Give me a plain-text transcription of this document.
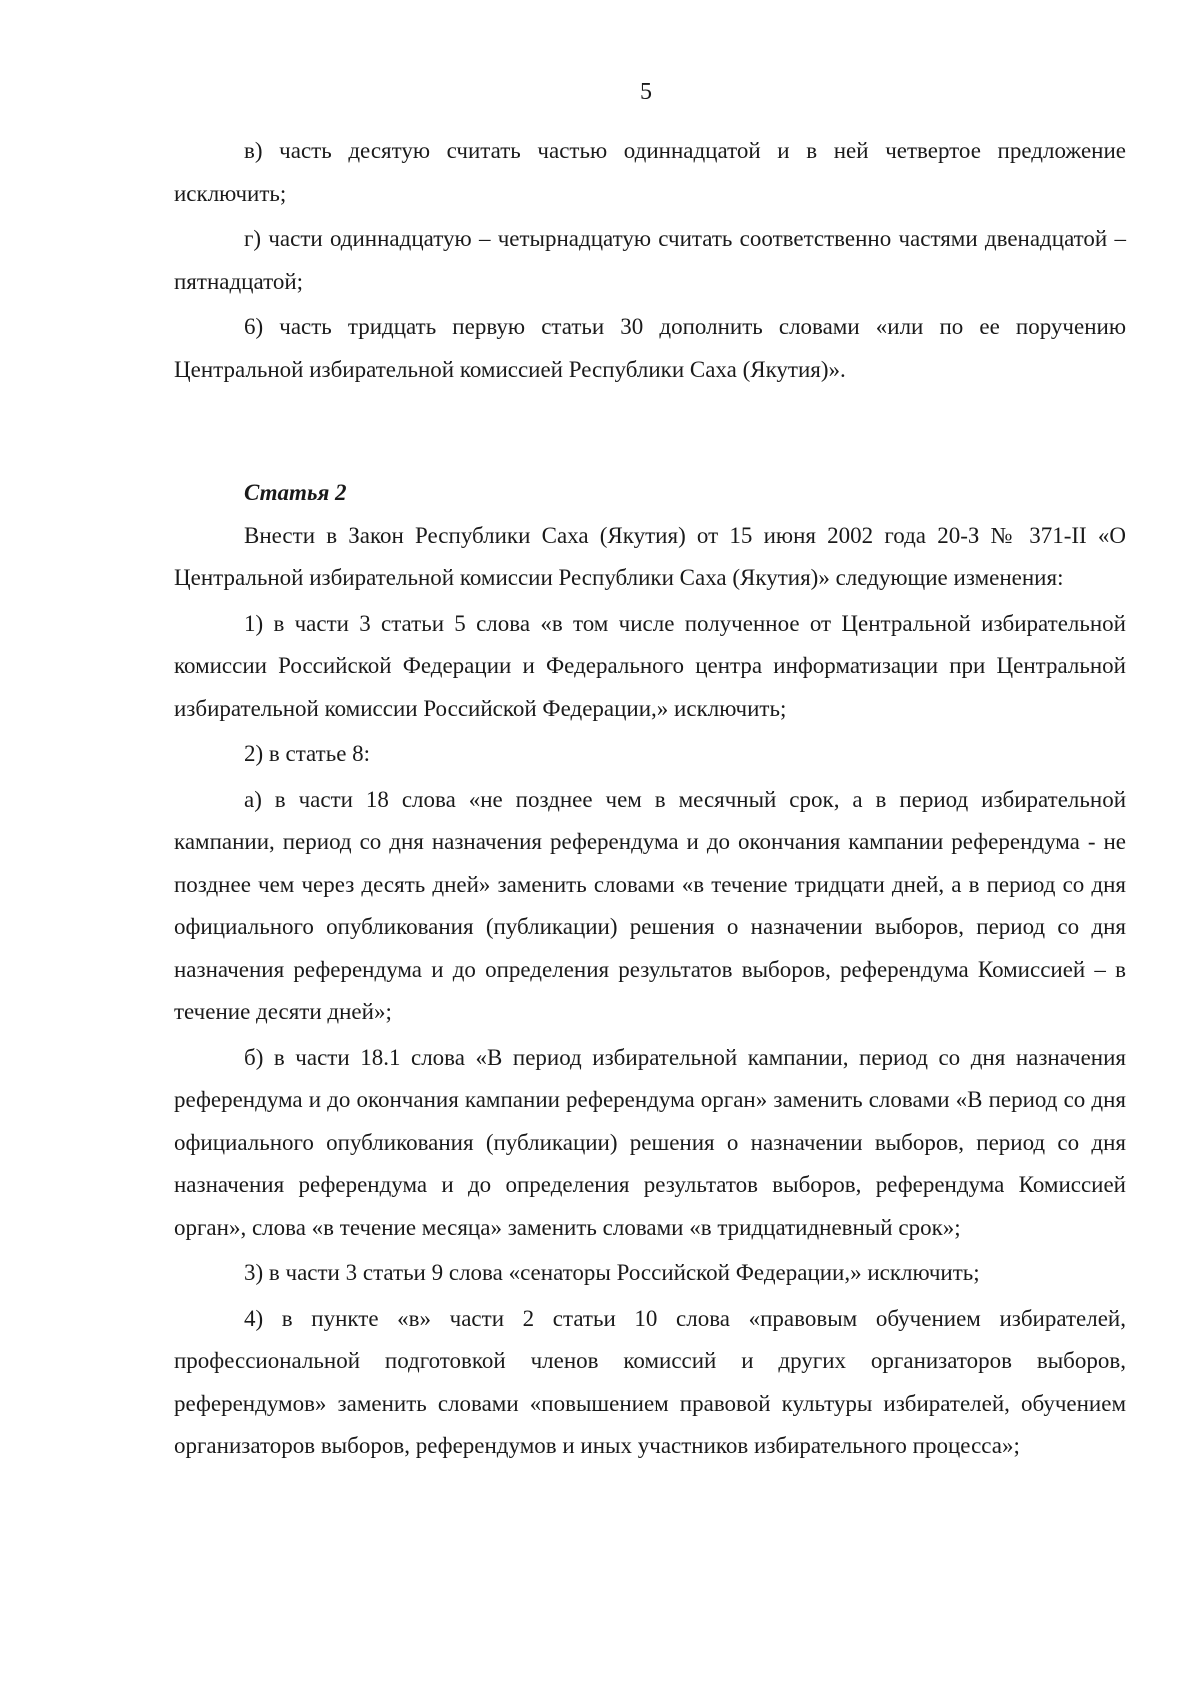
5

в) часть десятую считать частью одиннадцатой и в ней четвертое предложение исключить;

г) части одиннадцатую – четырнадцатую считать соответственно частями двенадцатой – пятнадцатой;

6) часть тридцать первую статьи 30 дополнить словами «или по ее поручению Центральной избирательной комиссией Республики Саха (Якутия)».

Статья 2

Внести в Закон Республики Саха (Якутия) от 15 июня 2002 года 20-З № 371-II «О Центральной избирательной комиссии Республики Саха (Якутия)» следующие изменения:

1) в части 3 статьи 5 слова «в том числе полученное от Центральной избирательной комиссии Российской Федерации и Федерального центра информатизации при Центральной избирательной комиссии Российской Федерации,» исключить;

2) в статье 8:

а) в части 18 слова «не позднее чем в месячный срок, а в период избирательной кампании, период со дня назначения референдума и до окончания кампании референдума - не позднее чем через десять дней» заменить словами «в течение тридцати дней, а в период со дня официального опубликования (публикации) решения о назначении выборов, период со дня назначения референдума и до определения результатов выборов, референдума Комиссией – в течение десяти дней»;

б) в части 18.1 слова «В период избирательной кампании, период со дня назначения референдума и до окончания кампании референдума орган» заменить словами «В период со дня официального опубликования (публикации) решения о назначении выборов, период со дня назначения референдума и до определения результатов выборов, референдума Комиссией орган», слова «в течение месяца» заменить словами «в тридцатидневный срок»;

3) в части 3 статьи 9 слова «сенаторы Российской Федерации,» исключить;

4) в пункте «в» части 2 статьи 10 слова «правовым обучением избирателей, профессиональной подготовкой членов комиссий и других организаторов выборов, референдумов» заменить словами «повышением правовой культуры избирателей, обучением организаторов выборов, референдумов и иных участников избирательного процесса»;
